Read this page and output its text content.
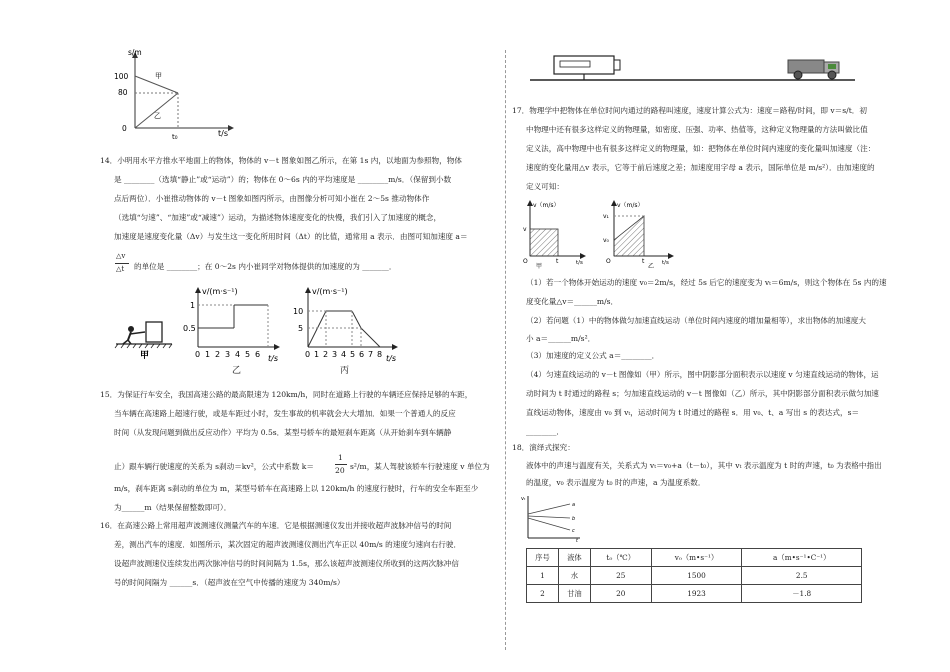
s/m
100
80
0
甲
乙
t₀	t/s
14．小明用水平方推水平地面上的物体，物体的 v－t 图象如图乙所示，在第 1s 内，以地面为参照物，物体
是 ________（选填“静止”或“运动”）的；物体在 0～6s 内的平均速度是 ________m/s．（保留到小数
点后两位）．小崔推动物体的 v－t 图象如图丙所示，由图像分析可知小崔在 2～5s 推动物体作
（选填“匀速”、“加速”或“减速”）运动，为描述物体速度变化的快慢，我们引入了加速度的概念，
加速度是速度变化量（Δv）与发生这一变化所用时间（Δt）的比值，通常用 a 表示．由图可知加速度 a＝
△v
△t 的单位是 ________；在 0～2s 内小崔同学对物体提供的加速度的为 _______．
甲
v/(m·s⁻¹)
1
0.5
0 1 2 3 4 5 6 t/s
乙
v/(m·s⁻¹)
10
5
0 1 2 3 4 5 6 7 8 t/s
丙
15．为保证行车安全，我国高速公路的最高限速为 120km/h，同时在道路上行驶的车辆还应保持足够的车距，
当车辆在高速路上超速行驶，或是车距过小时，发生事故的机率就会大大增加．如果一个普通人的反应
时间（从发现问题到做出反应动作）平均为 0.5s．某型号轿车的最短刹车距离（从开始刹车到车辆静
止）跟车辆行驶速度的关系为 s刹动＝kv²，公式中系数 k＝
1
20 s²/m，某人驾驶该轿车行驶速度 v 单位为
m/s，刹车距离 s刹动的单位为 m，某型号轿车在高速路上以 120km/h 的速度行驶时，行车的安全车距至少
为______m（结果保留整数即可）．
16．在高速公路上常用超声波测速仪测量汽车的车速．它是根据测速仪发出并接收超声波脉冲信号的时间
差，测出汽车的速度．如图所示，某次固定的超声波测速仪测出汽车正以 40m/s 的速度匀速向右行驶．
设超声波测速仪连续发出两次脉冲信号的时间间隔为 1.5s，那么该超声波测速仪所收到的这两次脉冲信
号的时间间隔为 ______s．（超声波在空气中传播的速度为 340m/s）
17．物理学中把物体在单位时间内通过的路程叫速度，速度计算公式为：速度＝路程/时间，即 v＝s/t．初
中物理中还有很多这样定义的物理量，如密度、压强、功率、热值等，这种定义物理量的方法叫做比值
定义法，高中物理中也有很多这样定义的物理量，如：把物体在单位时间内速度的变化量叫加速度（注：
速度的变化量用△v 表示，它等于前后速度之差；加速度用字母 a 表示，国际单位是 m/s²）．由加速度的
定义可知：
v（m/s）
v
O	t	t/s
甲
v（m/s）
v₁
v₀
O	t	t/s
乙
（1）若一个物体开始运动的速度 v₀＝2m/s，经过 5s 后它的速度变为 vₜ＝6m/s，则这个物体在 5s 内的速
度变化量△v＝______m/s．
（2）若问题（1）中的物体做匀加速直线运动（单位时间内速度的增加量相等），求出物体的加速度大
小 a＝______m/s²．
（3）加速度的定义公式 a＝________．
（4）匀速直线运动的 v－t 图像如（甲）所示，图中阴影部分面积表示以速度 v 匀速直线运动的物体，运
动时间为 t 时通过的路程 s；匀加速直线运动的 v－t 图像如（乙）所示，其中阴影部分面积表示做匀加速
直线运动物体，速度由 v₀ 到 vₜ，运动时间为 t 时通过的路程 s．用 v₀、t、a 写出 s 的表达式，s＝
________．
18．演绎式探究：
液体中的声速与温度有关，关系式为 vₜ＝v₀+a（t－t₀），其中 vₜ 表示温度为 t 时的声速，t₀ 为表格中指出
的温度，v₀ 表示温度为 t₀ 时的声速，a 为温度系数．
vₜ
a
b
c
t
序号	液体	t₀（℃）	v₀（m•s⁻¹）	a（m•s⁻¹•C⁻¹）
1	水	25	1500	2.5
2	甘油	20	1923	－1.8
